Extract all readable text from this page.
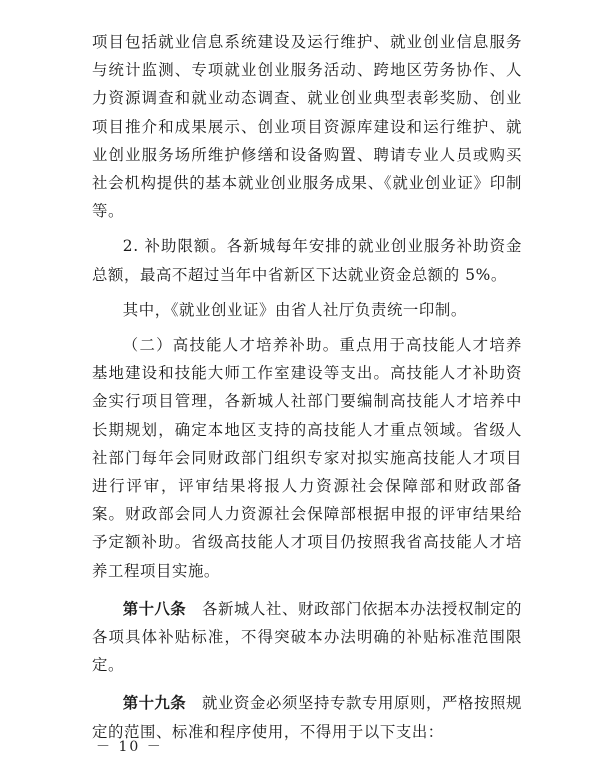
项目包括就业信息系统建设及运行维护、就业创业信息服务与统计监测、专项就业创业服务活动、跨地区劳务协作、人力资源调查和就业动态调查、就业创业典型表彰奖励、创业项目推介和成果展示、创业项目资源库建设和运行维护、就业创业服务场所维护修缮和设备购置、聘请专业人员或购买社会机构提供的基本就业创业服务成果、《就业创业证》印制等。

2. 补助限额。各新城每年安排的就业创业服务补助资金总额，最高不超过当年中省新区下达就业资金总额的 5%。

其中，《就业创业证》由省人社厅负责统一印制。

（二）高技能人才培养补助。重点用于高技能人才培养基地建设和技能大师工作室建设等支出。高技能人才补助资金实行项目管理，各新城人社部门要编制高技能人才培养中长期规划，确定本地区支持的高技能人才重点领域。省级人社部门每年会同财政部门组织专家对拟实施高技能人才项目进行评审，评审结果将报人力资源社会保障部和财政部备案。财政部会同人力资源社会保障部根据申报的评审结果给予定额补助。省级高技能人才项目仍按照我省高技能人才培养工程项目实施。

第十八条　 各新城人社、财政部门依据本办法授权制定的各项具体补贴标准，不得突破本办法明确的补贴标准范围限定。

第十九条　 就业资金必须坚持专款专用原则，严格按照规定的范围、标准和程序使用，不得用于以下支出：

－ 10 －
